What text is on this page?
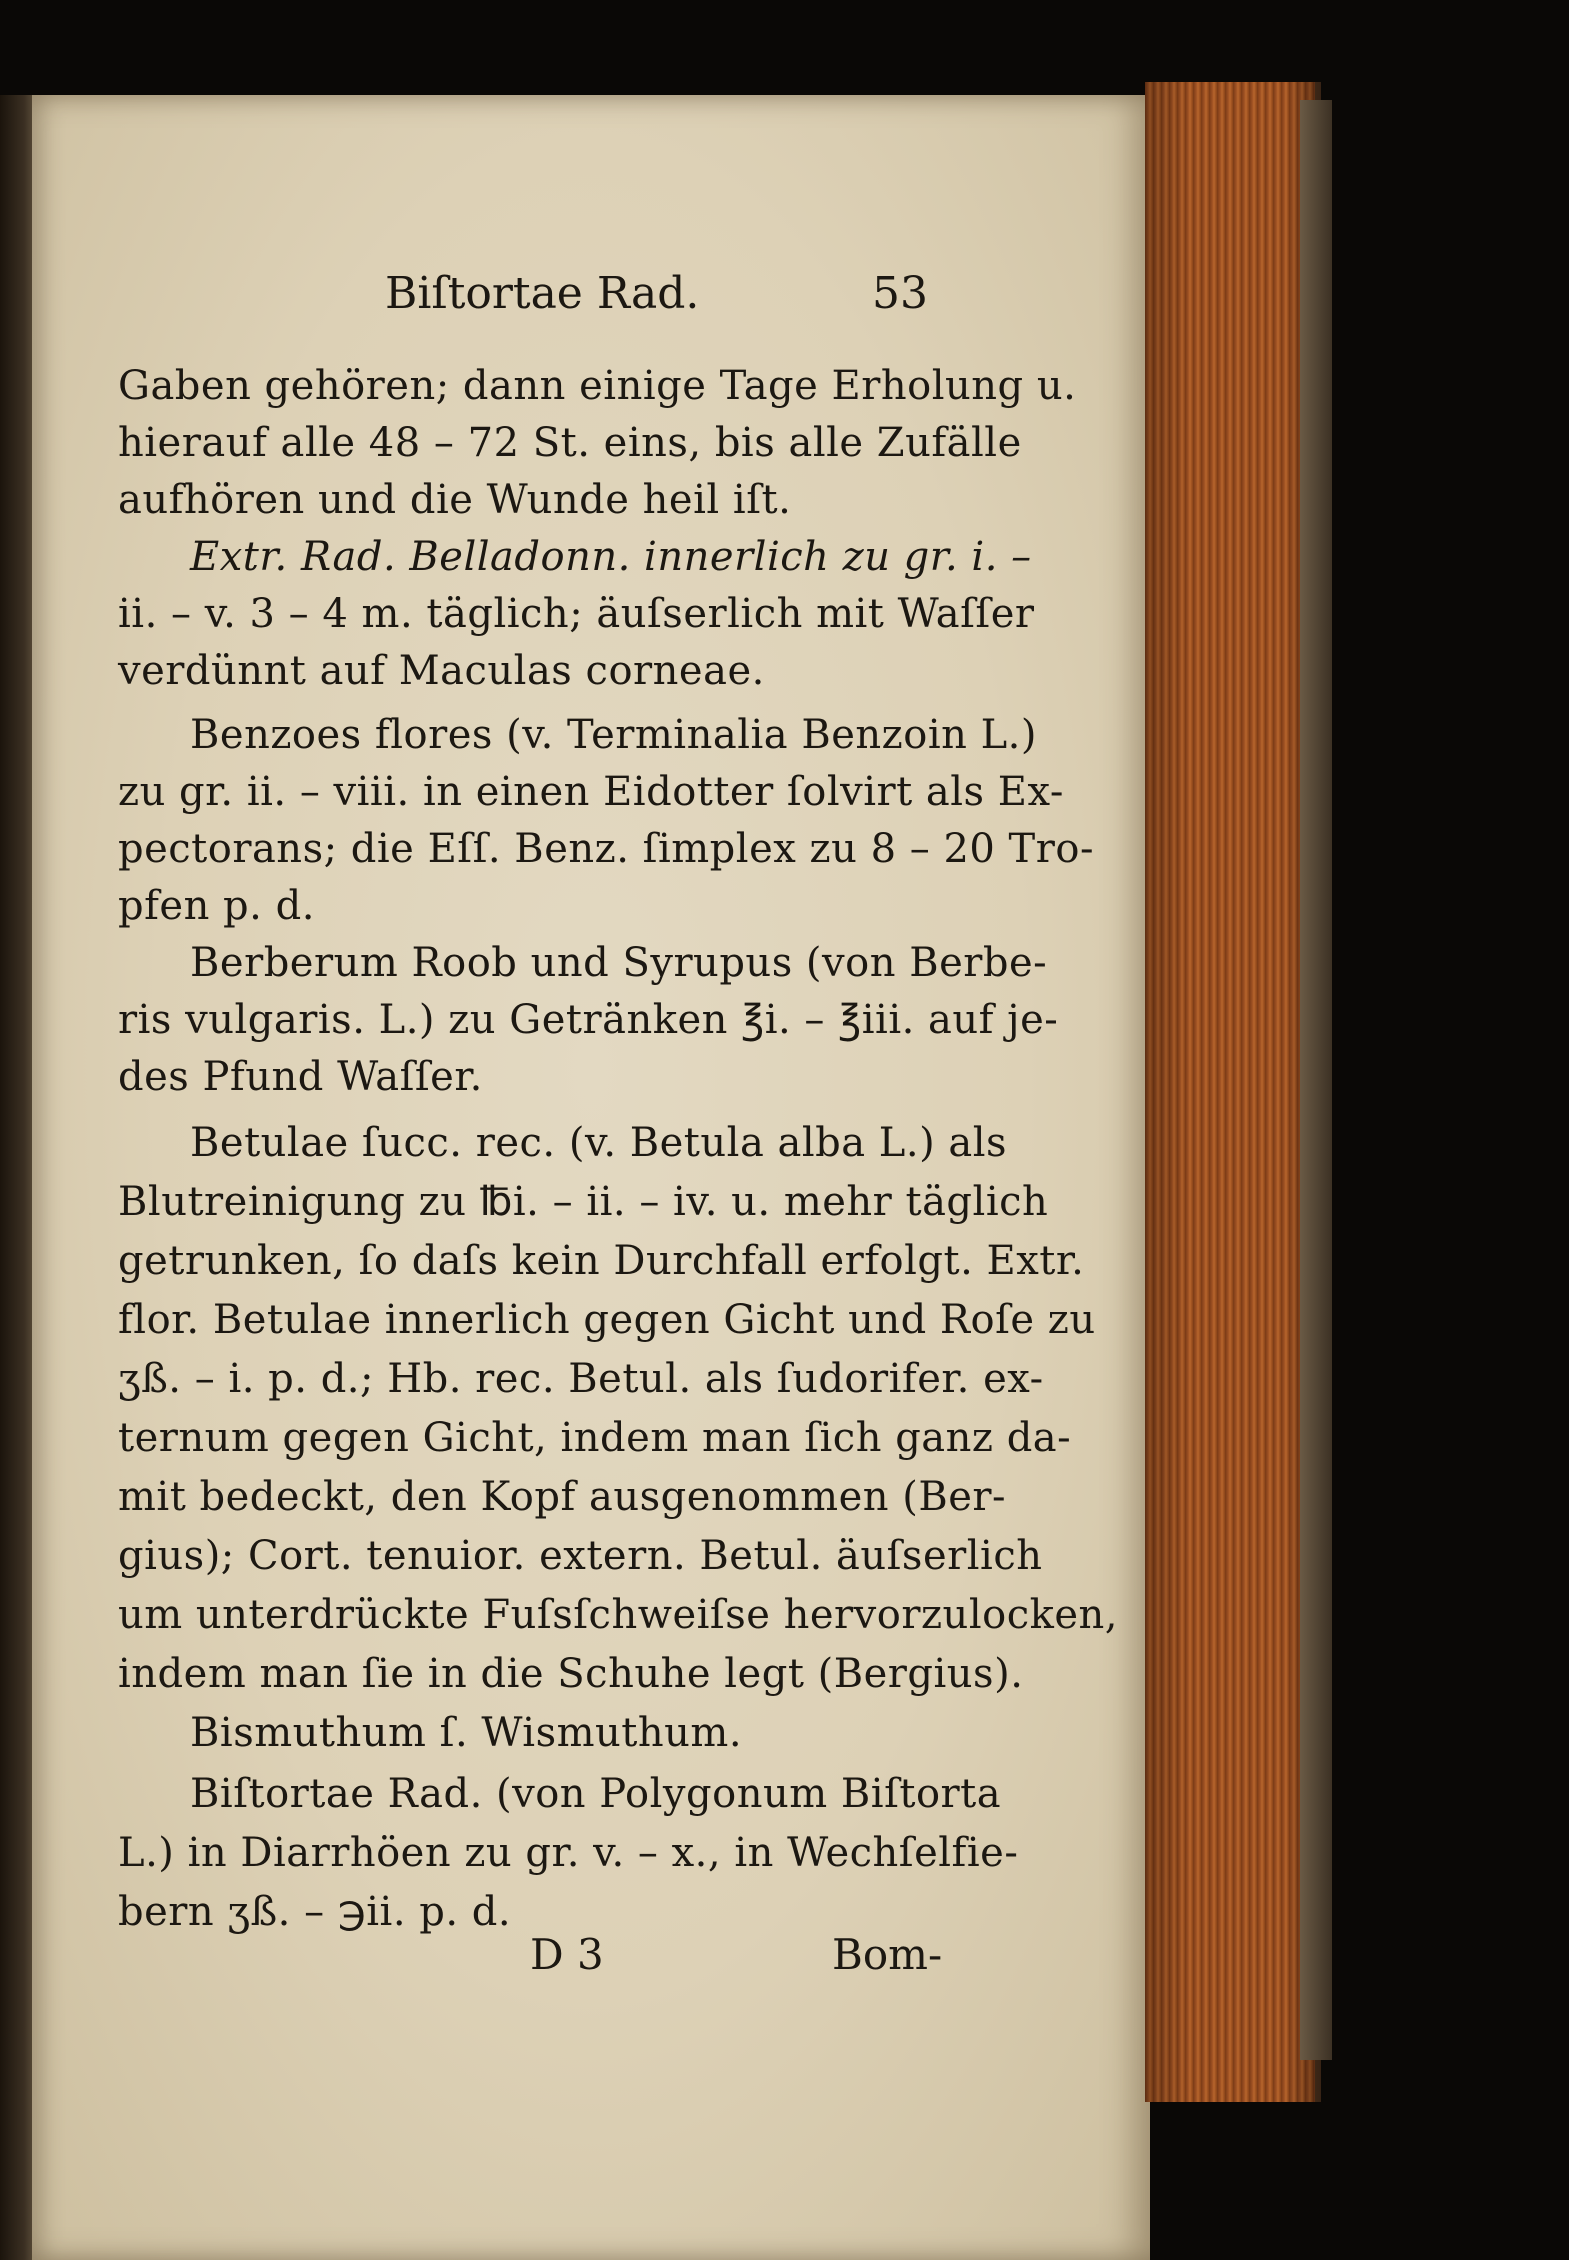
Biſtortae Rad.	53
Gaben gehören; dann einige Tage Erholung u.
hierauf alle 48 – 72 St. eins, bis alle Zufälle
aufhören und die Wunde heil iſt.
Extr. Rad. Belladonn. innerlich zu gr. i. –
ii. – v. 3 – 4 m. täglich; äuſserlich mit Waſſer
verdünnt auf Maculas corneae.
Benzoes flores (v. Terminalia Benzoin L.)
zu gr. ii. – viii. in einen Eidotter ſolvirt als Ex-
pectorans; die Eſſ. Benz. ſimplex zu 8 – 20 Tro-
pfen p. d.
Berberum Roob und Syrupus (von Berbe-
ris vulgaris. L.) zu Getränken ℥i. – ℥iii. auf je-
des Pfund Waſſer.
Betulae ſucc. rec. (v. Betula alba L.) als
Blutreinigung zu ℔i. – ii. – iv. u. mehr täglich
getrunken, ſo daſs kein Durchfall erfolgt. Extr.
flor. Betulae innerlich gegen Gicht und Roſe zu
ʒß. – i. p. d.; Hb. rec. Betul. als ſudorifer. ex-
ternum gegen Gicht, indem man ſich ganz da-
mit bedeckt, den Kopf ausgenommen (Ber-
gius); Cort. tenuior. extern. Betul. äuſserlich
um unterdrückte Fuſsſchweiſse hervorzulocken,
indem man ſie in die Schuhe legt (Bergius).
Bismuthum ſ. Wismuthum.
Biſtortae Rad. (von Polygonum Biſtorta
L.) in Diarrhöen zu gr. v. – x., in Wechſelfie-
bern ʒß. – ℈ii. p. d.
D 3	Bom-
